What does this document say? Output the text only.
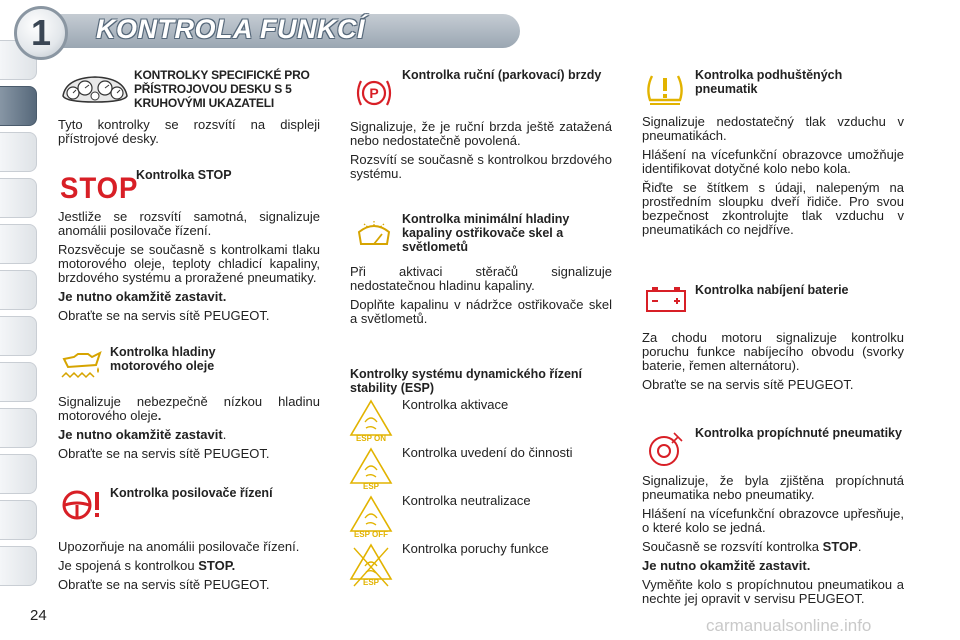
1	KONTROLA FUNKCÍ
KONTROLKY SPECIFICKÉ PRO PŘÍSTROJOVOU DESKU S 5 KRUHOVÝMI UKAZATELI

Tyto kontrolky se rozsvítí na displeji přístrojové desky.

STOP
Kontrolka STOP

Jestliže se rozsvítí samotná, signalizuje anomálii posilovače řízení.

Rozsvěcuje se současně s kontrolkami tlaku motorového oleje, teploty chladicí kapaliny, brzdového systému a proražené pneumatiky.

Je nutno okamžitě zastavit.

Obraťte se na servis sítě PEUGEOT.

Kontrolka hladiny motorového oleje

Signalizuje nebezpečně nízkou hladinu motorového oleje.

Je nutno okamžitě zastavit.

Obraťte se na servis sítě PEUGEOT.

Kontrolka posilovače řízení

Upozorňuje na anomálii posilovače řízení.

Je spojená s kontrolkou STOP.

Obraťte se na servis sítě PEUGEOT.

P
Kontrolka ruční (parkovací) brzdy

Signalizuje, že je ruční brzda ještě zatažená nebo nedostatečně povolená.

Rozsvítí se současně s kontrolkou brzdového systému.

Kontrolka minimální hladiny kapaliny ostřikovače skel a světlometů

Při aktivaci stěračů signalizuje nedostatečnou hladinu kapaliny.

Doplňte kapalinu v nádržce ostřikovače skel a světlometů.

Kontrolky systému dynamického řízení stability (ESP)
ESP ON
Kontrolka aktivace
ESP
Kontrolka uvedení do činnosti
ESP OFF
Kontrolka neutralizace
ESP
Kontrolka poruchy funkce
Kontrolka podhuštěných pneumatik

Signalizuje nedostatečný tlak vzduchu v pneumatikách.

Hlášení na vícefunkční obrazovce umožňuje identifikovat dotyčné kolo nebo kola.

Řiďte se štítkem s údaji, nalepeným na prostředním sloupku dveří řidiče. Pro svou bezpečnost zkontrolujte tlak vzduchu v pneumatikách co nejdříve.

Kontrolka nabíjení baterie

Za chodu motoru signalizuje kontrolku poruchu funkce nabíjecího obvodu (svorky baterie, řemen alternátoru).

Obraťte se na servis sítě PEUGEOT.

Kontrolka propíchnuté pneumatiky

Signalizuje, že byla zjištěna propíchnutá pneumatika nebo pneumatiky.

Hlášení na vícefunkční obrazovce upřesňuje, o které kolo se jedná.

Současně se rozsvítí kontrolka STOP.

Je nutno okamžitě zastavit.

Vyměňte kolo s propíchnutou pneumatikou a nechte jej opravit v servisu PEUGEOT.

24
carmanualsonline.info
